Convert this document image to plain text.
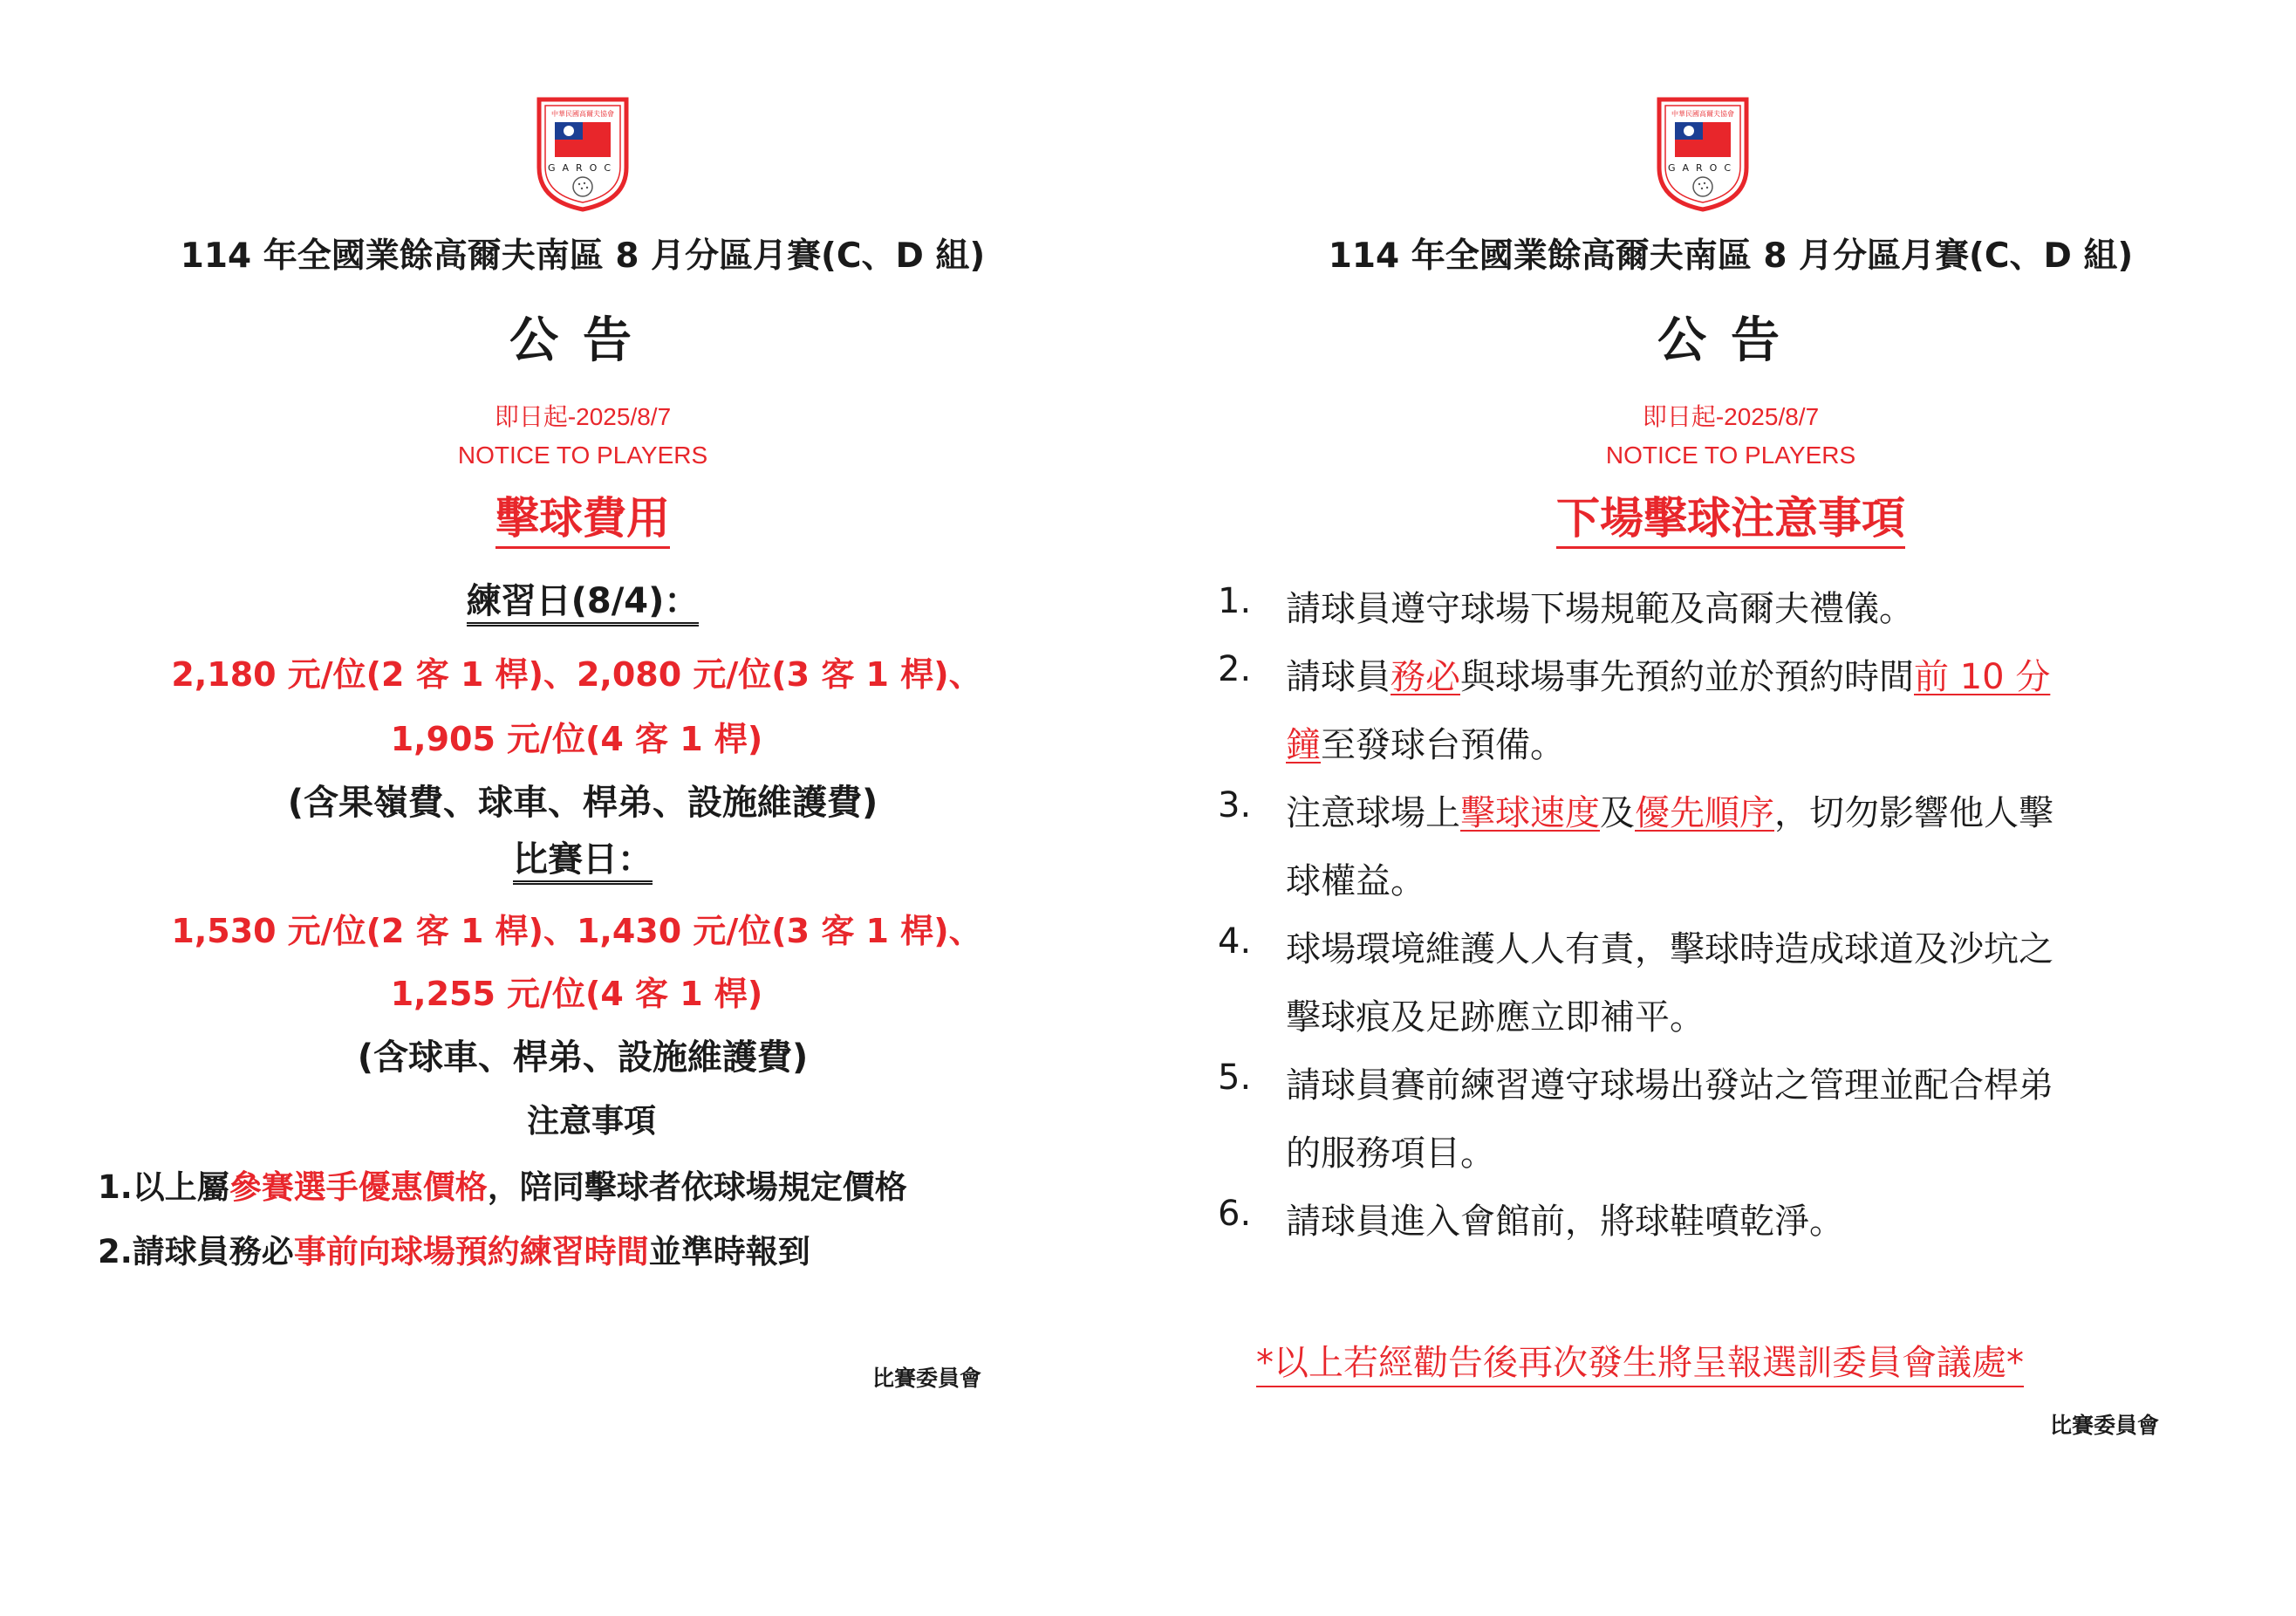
中華民國高爾夫協會
GAROC
114 年全國業餘高爾夫南區 8 月分區月賽(C、D 組)
公告
即日起-2025/8/7
NOTICE TO PLAYERS
擊球費用
練習日(8/4)：
2,180 元/位(2 客 1 桿)、2,080 元/位(3 客 1 桿)、
1,905 元/位(4 客 1 桿)
(含果嶺費、球車、桿弟、設施維護費)
比賽日：
1,530 元/位(2 客 1 桿)、1,430 元/位(3 客 1 桿)、
1,255 元/位(4 客 1 桿)
(含球車、桿弟、設施維護費)
注意事項
1.以上屬參賽選手優惠價格，陪同擊球者依球場規定價格
2.請球員務必事前向球場預約練習時間並準時報到
比賽委員會
中華民國高爾夫協會
GAROC
114 年全國業餘高爾夫南區 8 月分區月賽(C、D 組)
公告
即日起-2025/8/7
NOTICE TO PLAYERS
下場擊球注意事項
1. 請球員遵守球場下場規範及高爾夫禮儀。
2. 請球員務必與球場事先預約並於預約時間前 10 分
鐘至發球台預備。
3. 注意球場上擊球速度及優先順序，切勿影響他人擊
球權益。
4. 球場環境維護人人有責，擊球時造成球道及沙坑之
擊球痕及足跡應立即補平。
5. 請球員賽前練習遵守球場出發站之管理並配合桿弟
的服務項目。
6. 請球員進入會館前，將球鞋噴乾淨。
*以上若經勸告後再次發生將呈報選訓委員會議處*
比賽委員會
